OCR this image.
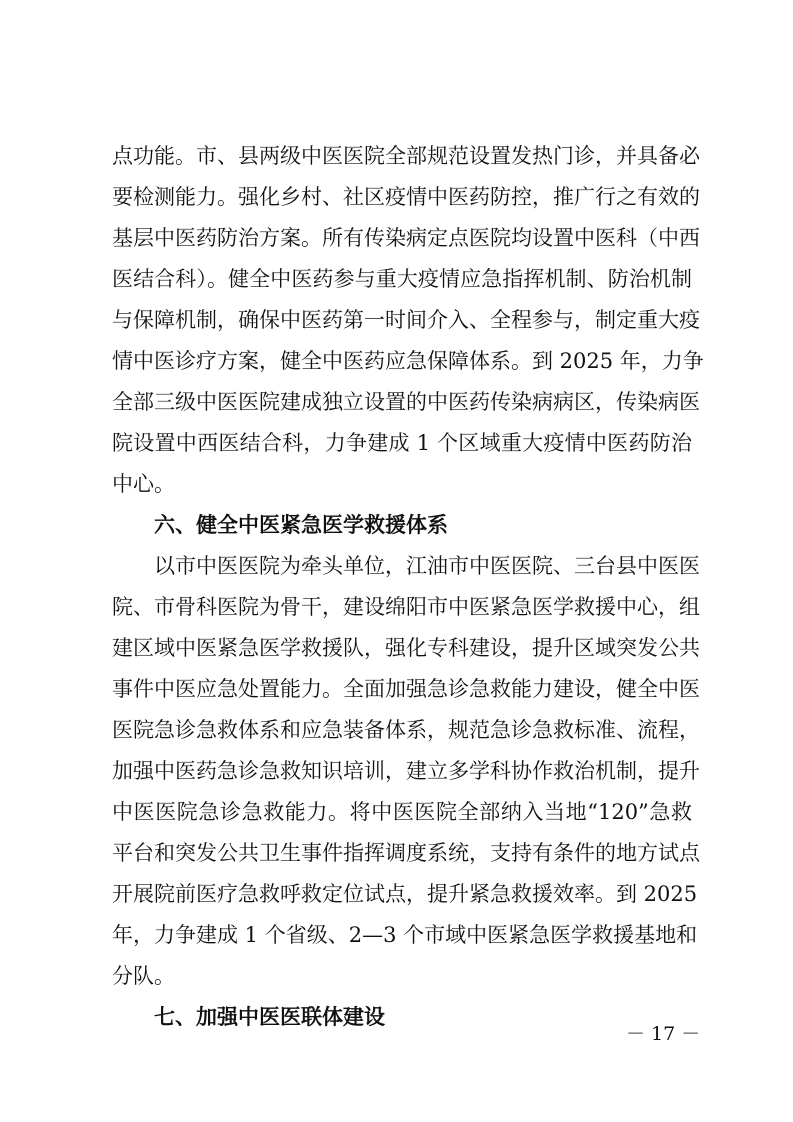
点功能。市、县两级中医医院全部规范设置发热门诊，并具备必
要检测能力。强化乡村、社区疫情中医药防控，推广行之有效的
基层中医药防治方案。所有传染病定点医院均设置中医科（中西
医结合科）。健全中医药参与重大疫情应急指挥机制、防治机制
与保障机制，确保中医药第一时间介入、全程参与，制定重大疫
情中医诊疗方案，健全中医药应急保障体系。到 2025 年，力争
全部三级中医医院建成独立设置的中医药传染病病区，传染病医
院设置中西医结合科，力争建成 1 个区域重大疫情中医药防治
中心。
六、健全中医紧急医学救援体系
以市中医医院为牵头单位，江油市中医医院、三台县中医医
院、市骨科医院为骨干，建设绵阳市中医紧急医学救援中心，组
建区域中医紧急医学救援队，强化专科建设，提升区域突发公共
事件中医应急处置能力。全面加强急诊急救能力建设，健全中医
医院急诊急救体系和应急装备体系，规范急诊急救标准、流程，
加强中医药急诊急救知识培训，建立多学科协作救治机制，提升
中医医院急诊急救能力。将中医医院全部纳入当地“120”急救
平台和突发公共卫生事件指挥调度系统，支持有条件的地方试点
开展院前医疗急救呼救定位试点，提升紧急救援效率。到 2025
年，力争建成 1 个省级、2—3 个市域中医紧急医学救援基地和
分队。
七、加强中医医联体建设
－ 17 －
